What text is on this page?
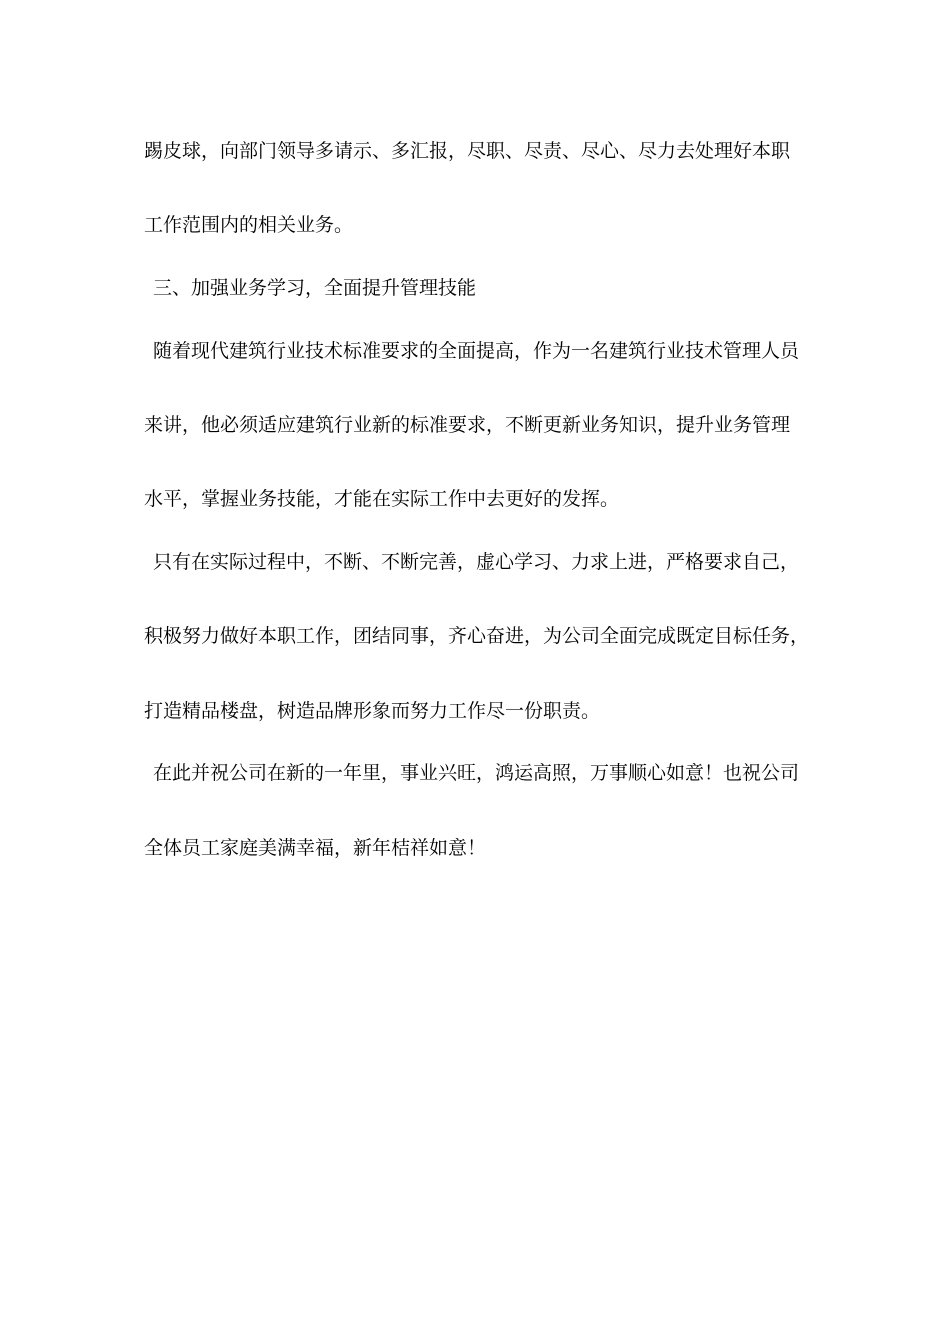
踢皮球，向部门领导多请示、多汇报，尽职、尽责、尽心、尽力去处理好本职
工作范围内的相关业务。
三、加强业务学习，全面提升管理技能
随着现代建筑行业技术标准要求的全面提高，作为一名建筑行业技术管理人员
来讲，他必须适应建筑行业新的标准要求，不断更新业务知识，提升业务管理
水平，掌握业务技能，才能在实际工作中去更好的发挥。
只有在实际过程中，不断、不断完善，虚心学习、力求上进，严格要求自己，
积极努力做好本职工作，团结同事，齐心奋进，为公司全面完成既定目标任务，
打造精品楼盘，树造品牌形象而努力工作尽一份职责。
在此并祝公司在新的一年里，事业兴旺，鸿运高照，万事顺心如意！也祝公司
全体员工家庭美满幸福，新年桔祥如意！
